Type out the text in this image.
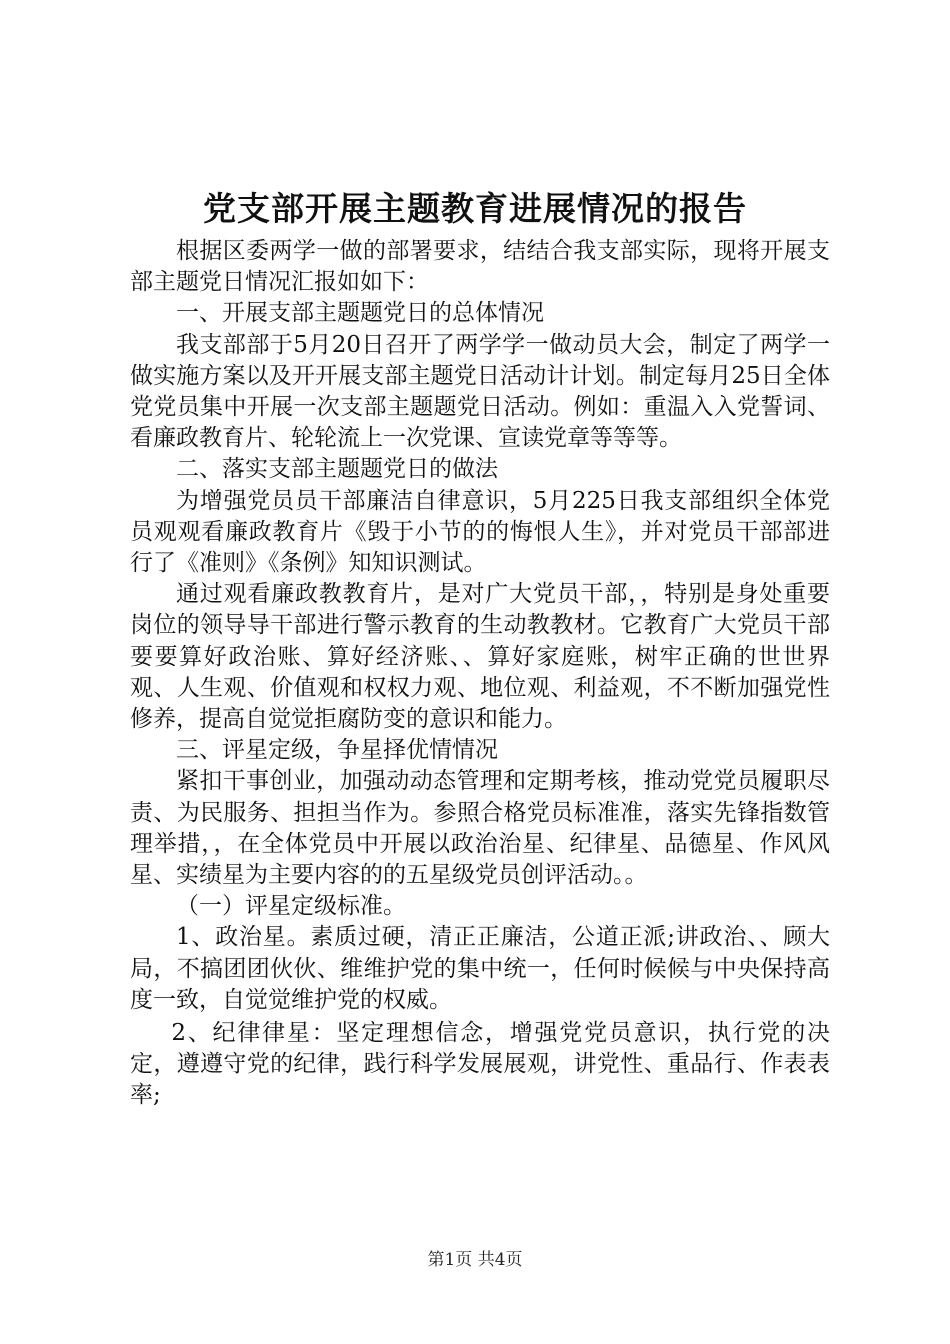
党支部开展主题教育进展情况的报告

根据区委两学一做的部署要求，结结合我支部实际，现将开展支部主题党日情况汇报如如下：

一、开展支部主题题党日的总体情况

我支部部于5月20日召开了两学学一做动员大会，制定了两学一做实施方案以及开开展支部主题党日活动计计划。制定每月25日全体党党员集中开展一次支部主题题党日活动。例如：重温入入党誓词、看廉政教育片、轮轮流上一次党课、宣读党章等等等。

二、落实支部主题题党日的做法

为增强党员员干部廉洁自律意识，5月225日我支部组织全体党员观观看廉政教育片《毁于小节的的悔恨人生》，并对党员干部部进行了《准则》《条例》知知识测试。

通过观看廉政教教育片，是对广大党员干部，，特别是身处重要岗位的领导导干部进行警示教育的生动教教材。它教育广大党员干部要要算好政治账、算好经济账、、算好家庭账，树牢正确的世世界观、人生观、价值观和权权力观、地位观、利益观，不不断加强党性修养，提高自觉觉拒腐防变的意识和能力。

三、评星定级，争星择优情情况

紧扣干事创业，加强动动态管理和定期考核，推动党党员履职尽责、为民服务、担担当作为。参照合格党员标准准，落实先锋指数管理举措，，在全体党员中开展以政治治星、纪律星、品德星、作风风星、实绩星为主要内容的的五星级党员创评活动。。

（一）评星定级标准。

1、政治星。素质过硬，清正正廉洁，公道正派;讲政治、、顾大局，不搞团团伙伙、维维护党的集中统一，任何时候候与中央保持高度一致，自觉觉维护党的权威。

2、纪律律星：坚定理想信念，增强党党员意识，执行党的决定，遵遵守党的纪律，践行科学发展展观，讲党性、重品行、作表表率;

第1页 共4页
